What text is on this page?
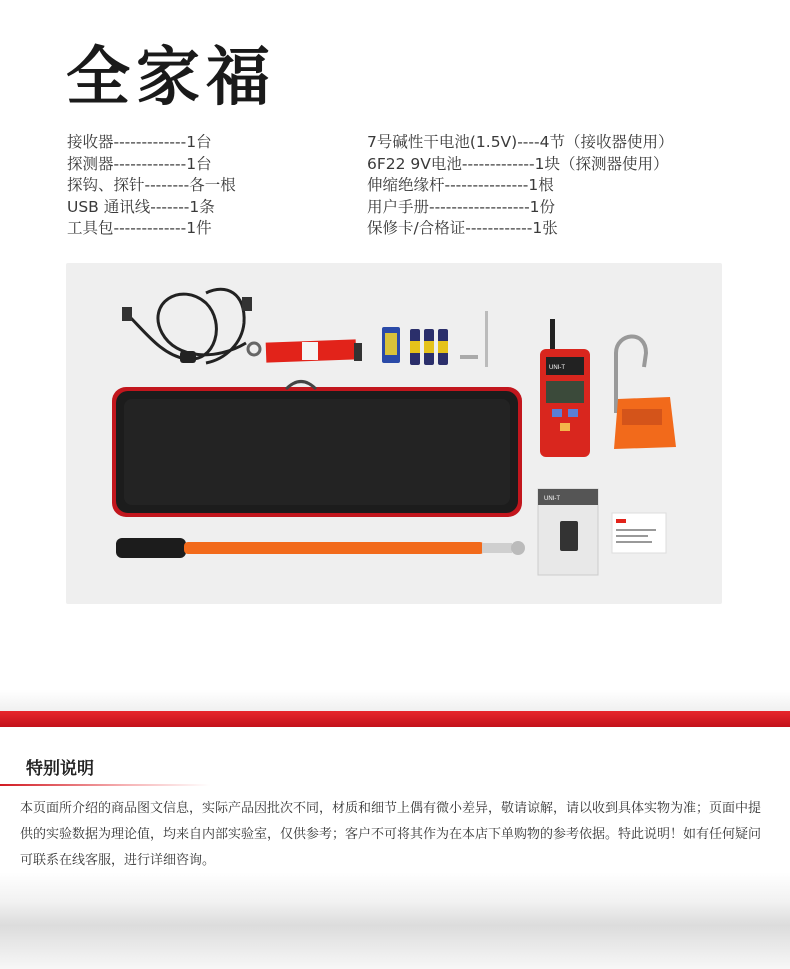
全家福
接收器-------------1台
探测器-------------1台
探钩、探针--------各一根
USB 通讯线-------1条
工具包-------------1件
7号碱性干电池(1.5V)----4节（接收器使用）
6F22 9V电池-------------1块（探测器使用）
伸缩绝缘杆---------------1根
用户手册------------------1份
保修卡/合格证------------1张
UNI-T
UNI-T
特别说明
本页面所介绍的商品图文信息，实际产品因批次不同，材质和细节上偶有微小差异，敬请谅解，请以收到具体实物为准；页面中提供的实验数据为理论值，均来自内部实验室，仅供参考；客户不可将其作为在本店下单购物的参考依据。特此说明！如有任何疑问可联系在线客服，进行详细咨询。
